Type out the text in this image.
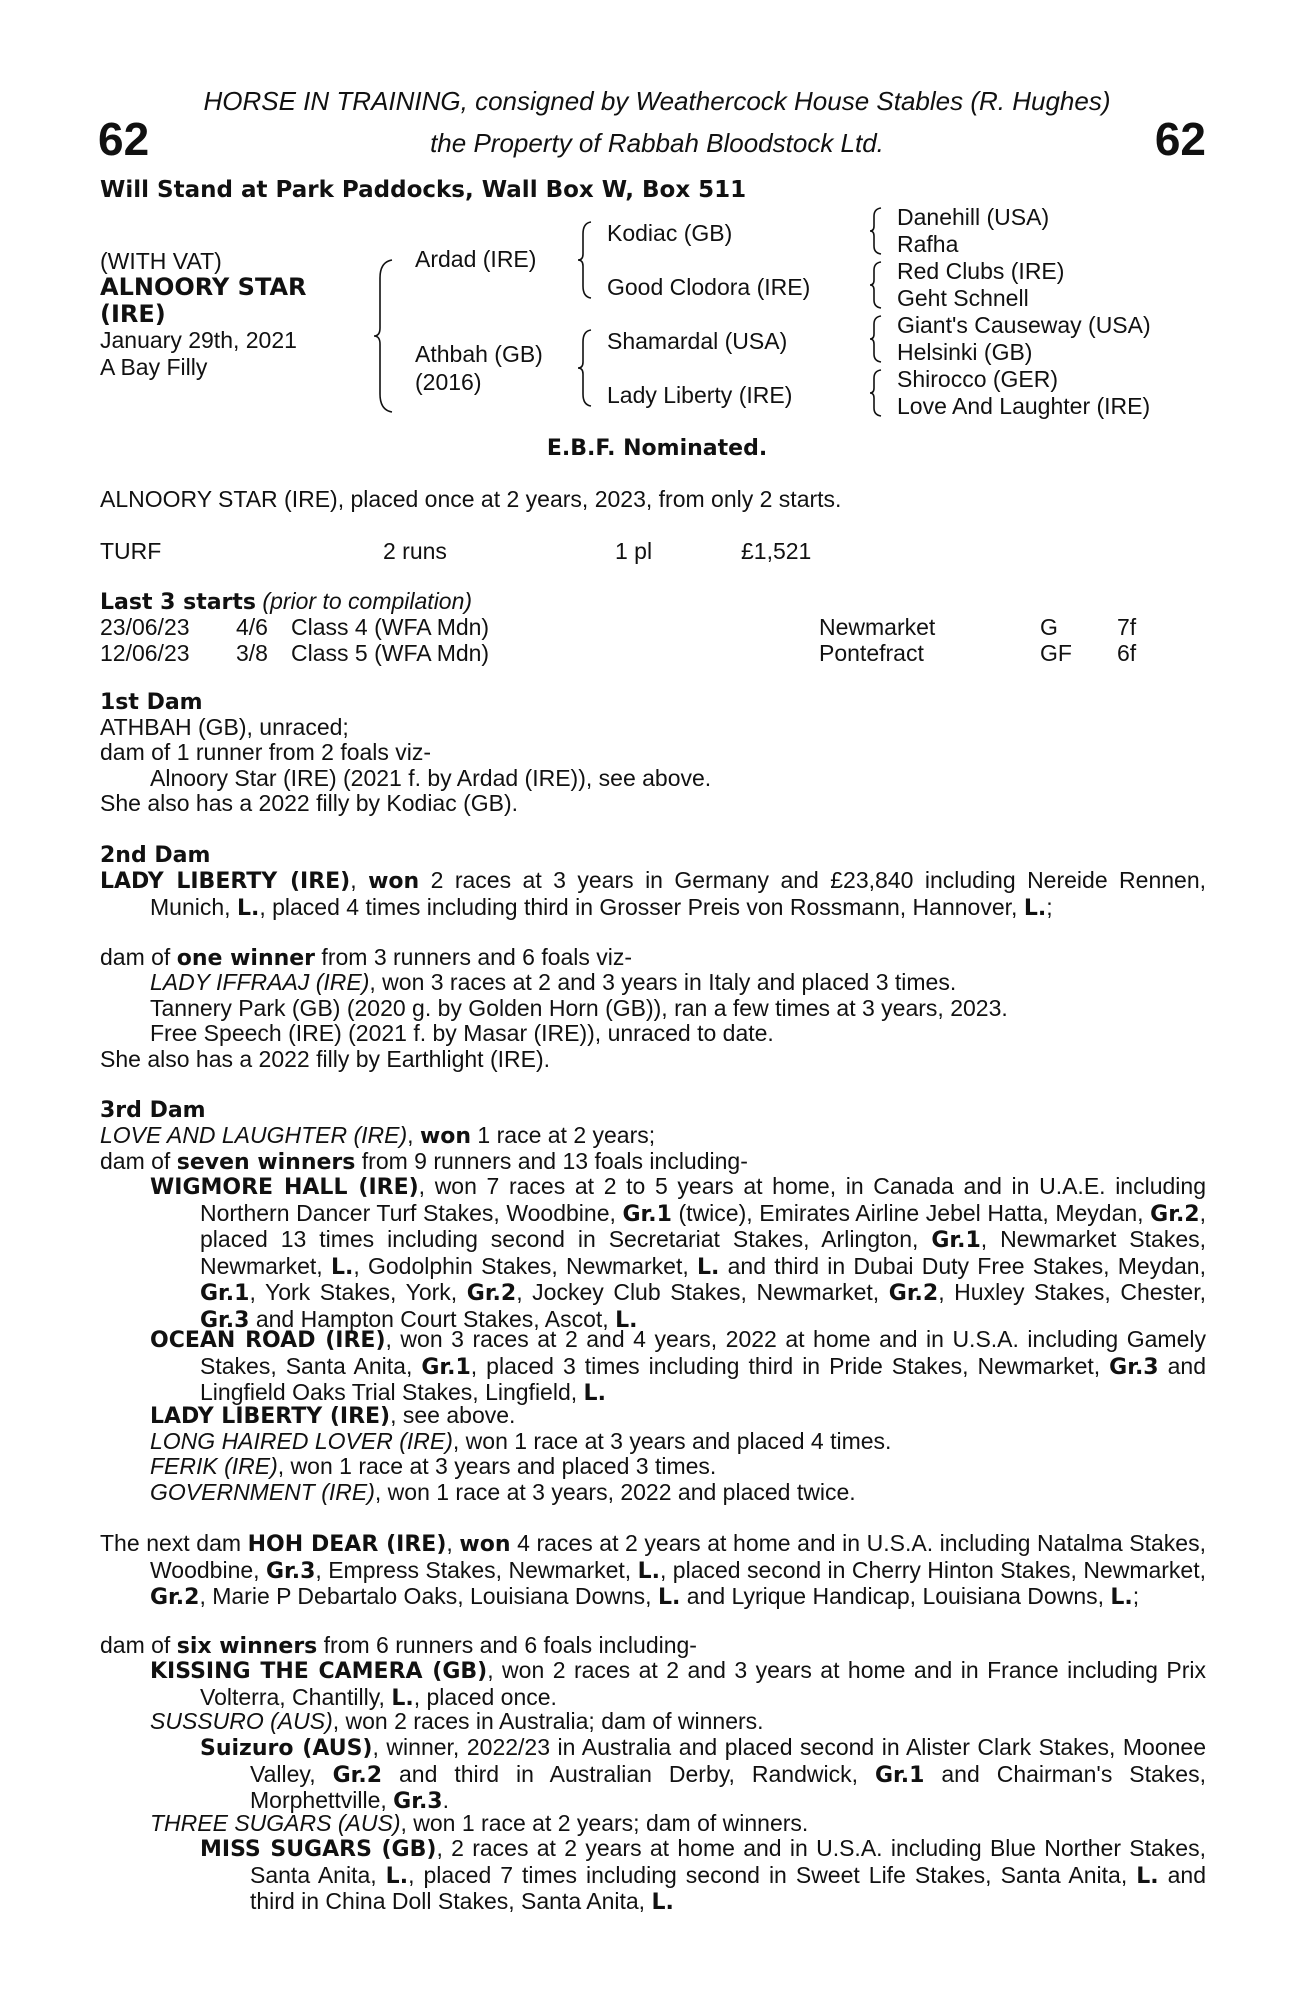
HORSE IN TRAINING, consigned by Weathercock House Stables (R. Hughes)
the Property of Rabbah Bloodstock Ltd.
62	62
Will Stand at Park Paddocks, Wall Box W, Box 511
(WITH VAT)
ALNOORY STAR
(IRE)
January 29th, 2021
A Bay Filly
Ardad (IRE)
Athbah (GB)
(2016)
Kodiac (GB)
Good Clodora (IRE)
Shamardal (USA)
Lady Liberty (IRE)
Danehill (USA)
Rafha
Red Clubs (IRE)
Geht Schnell
Giant's Causeway (USA)
Helsinki (GB)
Shirocco (GER)
Love And Laughter (IRE)
E.B.F. Nominated.
ALNOORY STAR (IRE), placed once at 2 years, 2023, from only 2 starts.
TURF	2 runs	1 pl	£1,521
Last 3 starts (prior to compilation)
23/06/23 4/6 Class 4 (WFA Mdn)	Newmarket	G	7f
12/06/23 3/8 Class 5 (WFA Mdn)	Pontefract	GF 6f
1st Dam
ATHBAH (GB), unraced;
dam of 1 runner from 2 foals viz-
Alnoory Star (IRE) (2021 f. by Ardad (IRE)), see above.
She also has a 2022 filly by Kodiac (GB).
2nd Dam
LADY LIBERTY (IRE), won 2 races at 3 years in Germany and £23,840 including Nereide Rennen, Munich, L., placed 4 times including third in Grosser Preis von Rossmann, Hannover, L.;
dam of one winner from 3 runners and 6 foals viz-
LADY IFFRAAJ (IRE), won 3 races at 2 and 3 years in Italy and placed 3 times.
Tannery Park (GB) (2020 g. by Golden Horn (GB)), ran a few times at 3 years, 2023.
Free Speech (IRE) (2021 f. by Masar (IRE)), unraced to date.
She also has a 2022 filly by Earthlight (IRE).
3rd Dam
LOVE AND LAUGHTER (IRE), won 1 race at 2 years;
dam of seven winners from 9 runners and 13 foals including-
WIGMORE HALL (IRE), won 7 races at 2 to 5 years at home, in Canada and in U.A.E. including Northern Dancer Turf Stakes, Woodbine, Gr.1 (twice), Emirates Airline Jebel Hatta, Meydan, Gr.2, placed 13 times including second in Secretariat Stakes, Arlington, Gr.1, Newmarket Stakes, Newmarket, L., Godolphin Stakes, Newmarket, L. and third in Dubai Duty Free Stakes, Meydan, Gr.1, York Stakes, York, Gr.2, Jockey Club Stakes, Newmarket, Gr.2, Huxley Stakes, Chester, Gr.3 and Hampton Court Stakes, Ascot, L.
OCEAN ROAD (IRE), won 3 races at 2 and 4 years, 2022 at home and in U.S.A. including Gamely Stakes, Santa Anita, Gr.1, placed 3 times including third in Pride Stakes, Newmarket, Gr.3 and Lingfield Oaks Trial Stakes, Lingfield, L.
LADY LIBERTY (IRE), see above.
LONG HAIRED LOVER (IRE), won 1 race at 3 years and placed 4 times.
FERIK (IRE), won 1 race at 3 years and placed 3 times.
GOVERNMENT (IRE), won 1 race at 3 years, 2022 and placed twice.
The next dam HOH DEAR (IRE), won 4 races at 2 years at home and in U.S.A. including Natalma Stakes, Woodbine, Gr.3, Empress Stakes, Newmarket, L., placed second in Cherry Hinton Stakes, Newmarket, Gr.2, Marie P Debartalo Oaks, Louisiana Downs, L. and Lyrique Handicap, Louisiana Downs, L.;
dam of six winners from 6 runners and 6 foals including-
KISSING THE CAMERA (GB), won 2 races at 2 and 3 years at home and in France including Prix Volterra, Chantilly, L., placed once.
SUSSURO (AUS), won 2 races in Australia; dam of winners.
Suizuro (AUS), winner, 2022/23 in Australia and placed second in Alister Clark Stakes, Moonee Valley, Gr.2 and third in Australian Derby, Randwick, Gr.1 and Chairman's Stakes, Morphettville, Gr.3.
THREE SUGARS (AUS), won 1 race at 2 years; dam of winners.
MISS SUGARS (GB), 2 races at 2 years at home and in U.S.A. including Blue Norther Stakes, Santa Anita, L., placed 7 times including second in Sweet Life Stakes, Santa Anita, L. and third in China Doll Stakes, Santa Anita, L.
